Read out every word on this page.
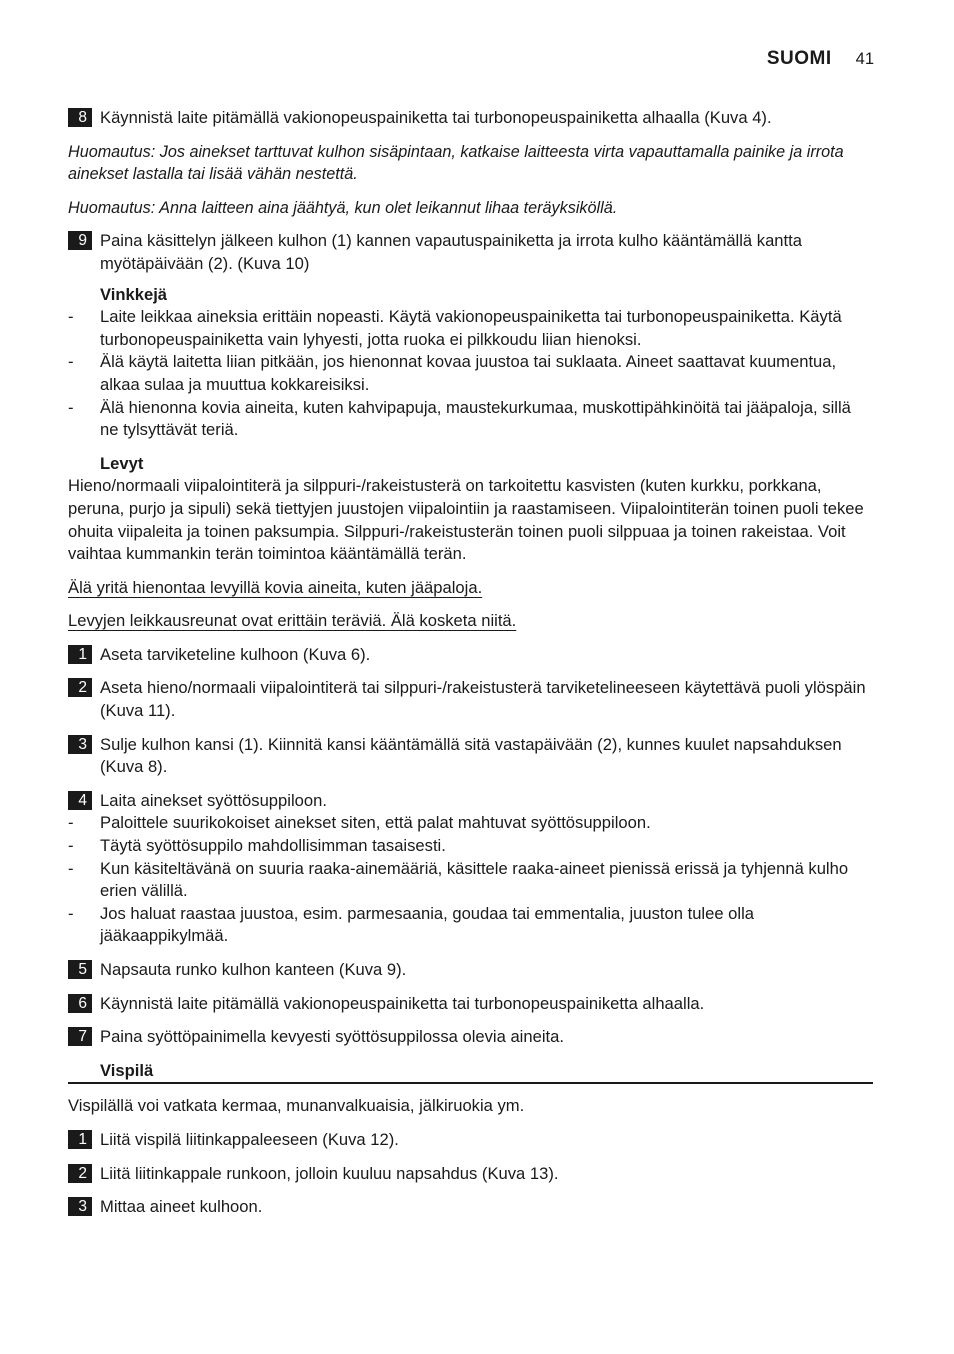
SUOMI 41
8 Käynnistä laite pitämällä vakionopeuspainiketta tai turbonopeuspainiketta alhaalla (Kuva 4).

Huomautus: Jos ainekset tarttuvat kulhon sisäpintaan, katkaise laitteesta virta vapauttamalla painike ja irrota ainekset lastalla tai lisää vähän nestettä.

Huomautus: Anna laitteen aina jäähtyä, kun olet leikannut lihaa teräyksiköllä.

9 Paina käsittelyn jälkeen kulhon (1) kannen vapautuspainiketta ja irrota kulho kääntämällä kantta myötäpäivään (2). (Kuva 10)
Vinkkejä
-	Laite leikkaa aineksia erittäin nopeasti. Käytä vakionopeuspainiketta tai turbonopeuspainiketta. Käytä turbonopeuspainiketta vain lyhyesti, jotta ruoka ei pilkkoudu liian hienoksi.
-	Älä käytä laitetta liian pitkään, jos hienonnat kovaa juustoa tai suklaata. Aineet saattavat kuumentua, alkaa sulaa ja muuttua kokkareisiksi.
-	Älä hienonna kovia aineita, kuten kahvipapuja, maustekurkumaa, muskottipähkinöitä tai jääpaloja, sillä ne tylsyttävät teriä.
Levyt
Hieno/normaali viipalointiterä ja silppuri-/rakeistusterä on tarkoitettu kasvisten (kuten kurkku, porkkana, peruna, purjo ja sipuli) sekä tiettyjen juustojen viipalointiin ja raastamiseen. Viipalointiterän toinen puoli tekee ohuita viipaleita ja toinen paksumpia. Silppuri-/rakeistusterän toinen puoli silppuaa ja toinen rakeistaa. Voit vaihtaa kummankin terän toimintoa kääntämällä terän.
Älä yritä hienontaa levyillä kovia aineita, kuten jääpaloja.
Levyjen leikkausreunat ovat erittäin teräviä. Älä kosketa niitä.
1 Aseta tarviketeline kulhoon (Kuva 6).
2 Aseta hieno/normaali viipalointiterä tai silppuri-/rakeistusterä tarviketelineeseen käytettävä puoli ylöspäin (Kuva 11).
3 Sulje kulhon kansi (1). Kiinnitä kansi kääntämällä sitä vastapäivään (2), kunnes kuulet napsahduksen (Kuva 8).
4 Laita ainekset syöttösuppiloon.
-	Paloittele suurikokoiset ainekset siten, että palat mahtuvat syöttösuppiloon.
-	Täytä syöttösuppilo mahdollisimman tasaisesti.
-	Kun käsiteltävänä on suuria raaka-ainemääriä, käsittele raaka-aineet pienissä erissä ja tyhjennä kulho erien välillä.
-	Jos haluat raastaa juustoa, esim. parmesaania, goudaa tai emmentalia, juuston tulee olla jääkaappikylmää.
5 Napsauta runko kulhon kanteen (Kuva 9).
6 Käynnistä laite pitämällä vakionopeuspainiketta tai turbonopeuspainiketta alhaalla.
7 Paina syöttöpainimella kevyesti syöttösuppilossa olevia aineita.
Vispilä
Vispilällä voi vatkata kermaa, munanvalkuaisia, jälkiruokia ym.
1 Liitä vispilä liitinkappaleeseen (Kuva 12).
2 Liitä liitinkappale runkoon, jolloin kuuluu napsahdus (Kuva 13).
3 Mittaa aineet kulhoon.
